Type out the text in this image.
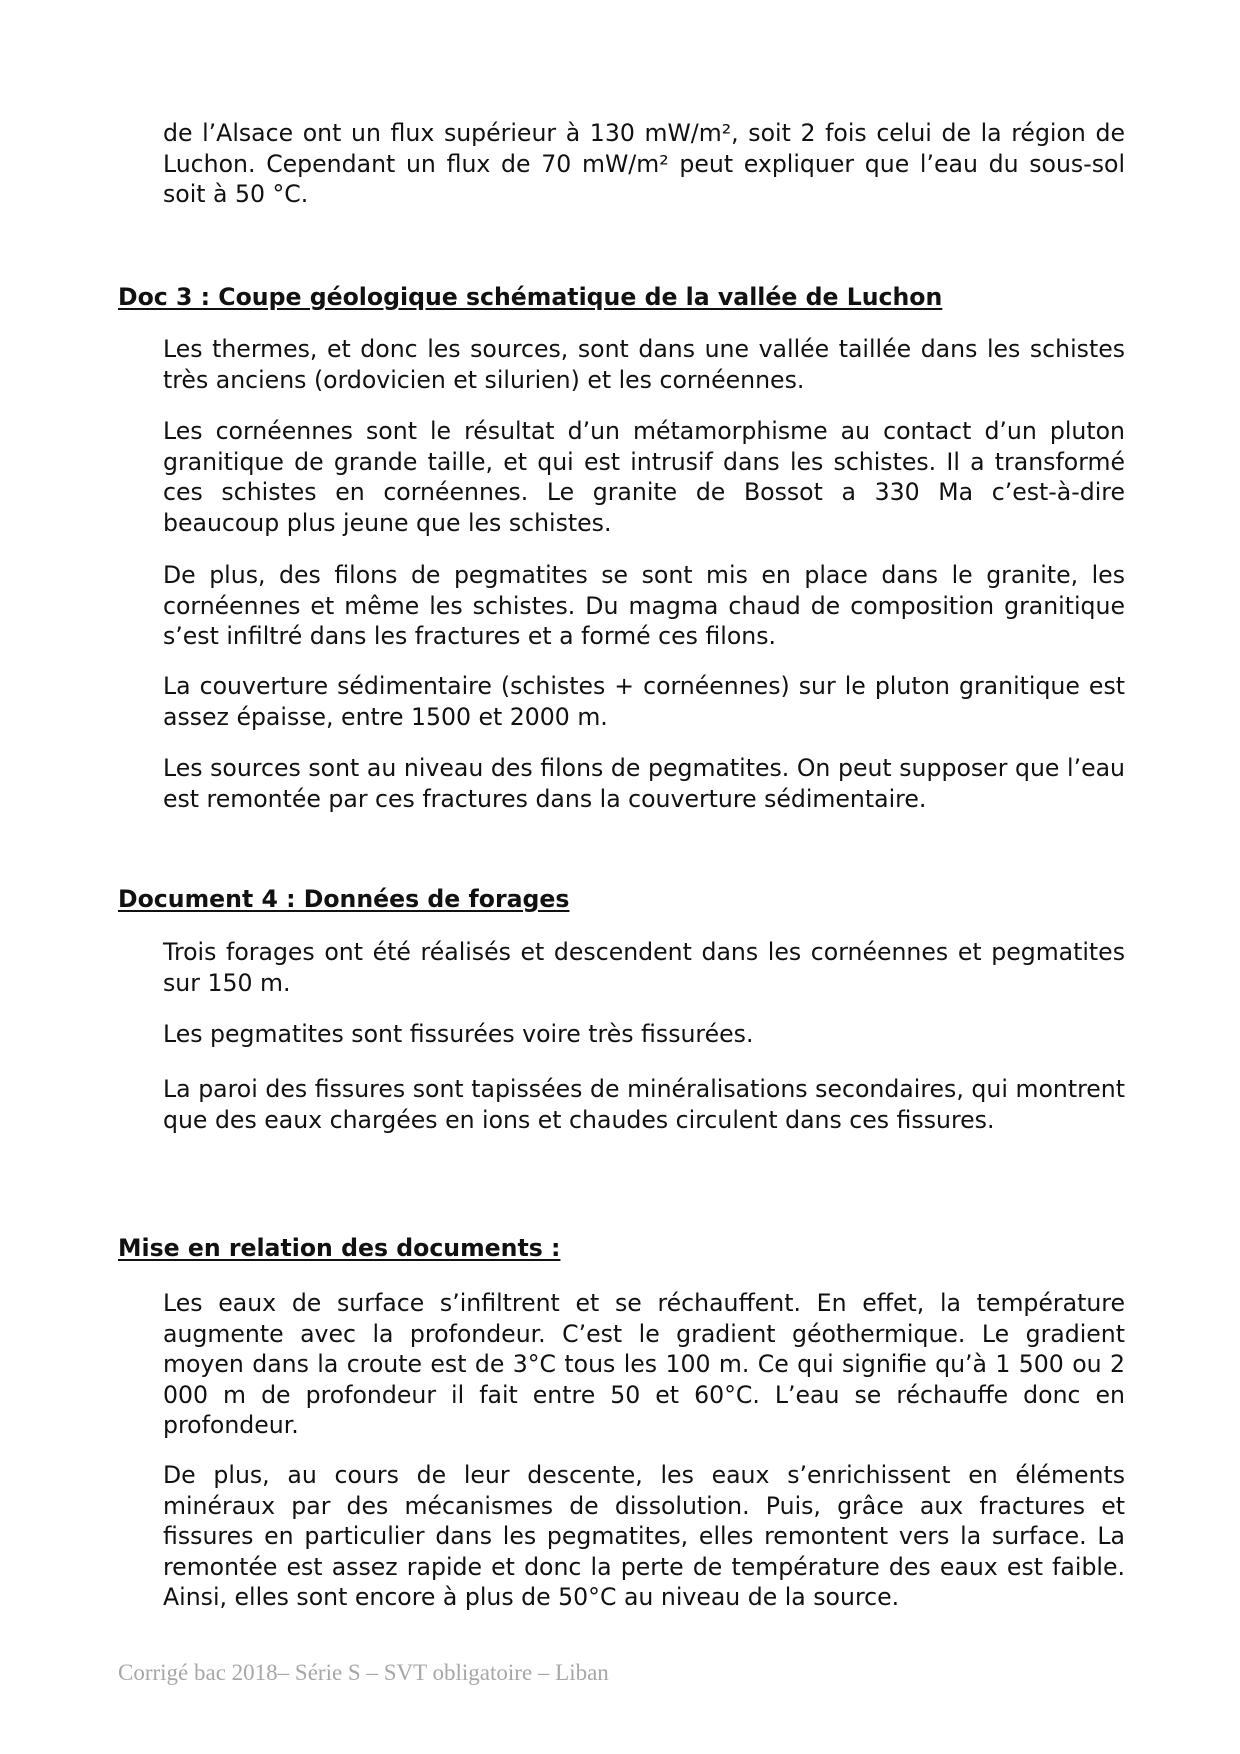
de l’Alsace ont un flux supérieur à 130 mW/m², soit 2 fois celui de la région de Luchon. Cependant un flux de 70 mW/m² peut expliquer que l’eau du sous-sol soit à 50 °C.

Doc 3 : Coupe géologique schématique de la vallée de Luchon

Les thermes, et donc les sources, sont dans une vallée taillée dans les schistes très anciens (ordovicien et silurien) et les cornéennes.

Les cornéennes sont le résultat d’un métamorphisme au contact d’un pluton granitique de grande taille, et qui est intrusif dans les schistes. Il a transformé ces schistes en cornéennes. Le granite de Bossot a 330 Ma c’est-à-dire beaucoup plus jeune que les schistes.

De plus, des filons de pegmatites se sont mis en place dans le granite, les cornéennes et même les schistes. Du magma chaud de composition granitique s’est infiltré dans les fractures et a formé ces filons.

La couverture sédimentaire (schistes + cornéennes) sur le pluton granitique est assez épaisse, entre 1500 et 2000 m.

Les sources sont au niveau des filons de pegmatites. On peut supposer que l’eau est remontée par ces fractures dans la couverture sédimentaire.

Document 4 : Données de forages

Trois forages ont été réalisés et descendent dans les cornéennes et pegmatites sur 150 m.

Les pegmatites sont fissurées voire très fissurées.

La paroi des fissures sont tapissées de minéralisations secondaires, qui montrent que des eaux chargées en ions et chaudes circulent dans ces fissures.

Mise en relation des documents :

Les eaux de surface s’infiltrent et se réchauffent. En effet, la température augmente avec la profondeur. C’est le gradient géothermique. Le gradient moyen dans la croute est de 3°C tous les 100 m. Ce qui signifie qu’à 1 500 ou 2 000 m de profondeur il fait entre 50 et 60°C. L’eau se réchauffe donc en profondeur.

De plus, au cours de leur descente, les eaux s’enrichissent en éléments minéraux par des mécanismes de dissolution. Puis, grâce aux fractures et fissures en particulier dans les pegmatites, elles remontent vers la surface. La remontée est assez rapide et donc la perte de température des eaux est faible. Ainsi, elles sont encore à plus de 50°C au niveau de la source.

Corrigé bac 2018– Série S – SVT obligatoire – Liban
